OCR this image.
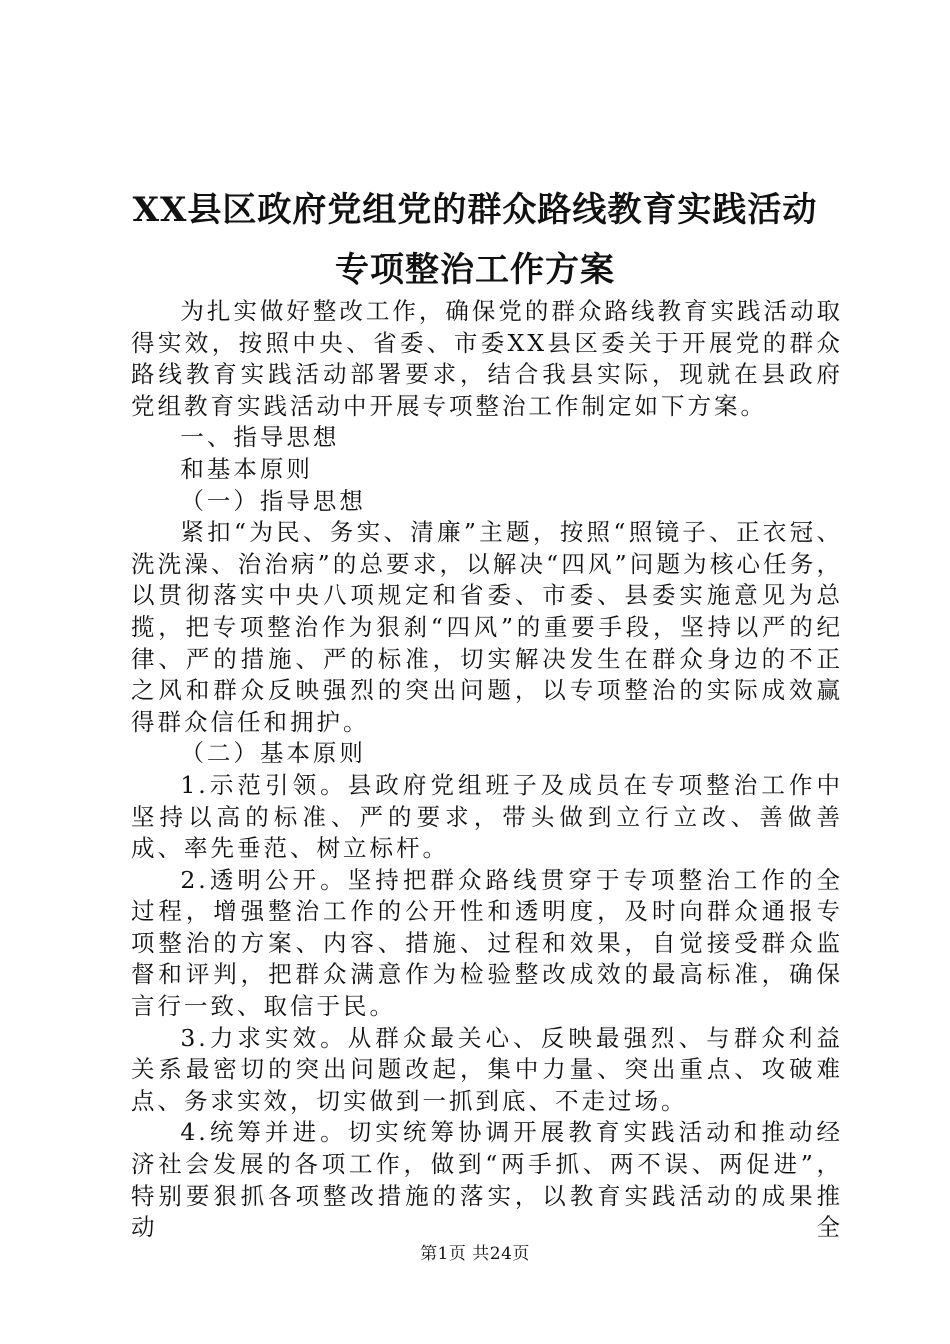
XX县区政府党组党的群众路线教育实践活动
专项整治工作方案

为扎实做好整改工作，确保党的群众路线教育实践活动取得实效，按照中央、省委、市委XX县区委关于开展党的群众路线教育实践活动部署要求，结合我县实际，现就在县政府党组教育实践活动中开展专项整治工作制定如下方案。

一、指导思想

和基本原则

（一）指导思想

紧扣“为民、务实、清廉”主题，按照“照镜子、正衣冠、洗洗澡、治治病”的总要求，以解决“四风”问题为核心任务，以贯彻落实中央八项规定和省委、市委、县委实施意见为总揽，把专项整治作为狠刹“四风”的重要手段，坚持以严的纪律、严的措施、严的标准，切实解决发生在群众身边的不正之风和群众反映强烈的突出问题，以专项整治的实际成效赢得群众信任和拥护。

（二）基本原则

1.示范引领。县政府党组班子及成员在专项整治工作中坚持以高的标准、严的要求，带头做到立行立改、善做善成、率先垂范、树立标杆。

2.透明公开。坚持把群众路线贯穿于专项整治工作的全过程，增强整治工作的公开性和透明度，及时向群众通报专项整治的方案、内容、措施、过程和效果，自觉接受群众监督和评判，把群众满意作为检验整改成效的最高标准，确保言行一致、取信于民。

3.力求实效。从群众最关心、反映最强烈、与群众利益关系最密切的突出问题改起，集中力量、突出重点、攻破难点、务求实效，切实做到一抓到底、不走过场。

4.统筹并进。切实统筹协调开展教育实践活动和推动经济社会发展的各项工作，做到“两手抓、两不误、两促进”，特别要狠抓各项整改措施的落实，以教育实践活动的成果推动全

第1页 共24页
